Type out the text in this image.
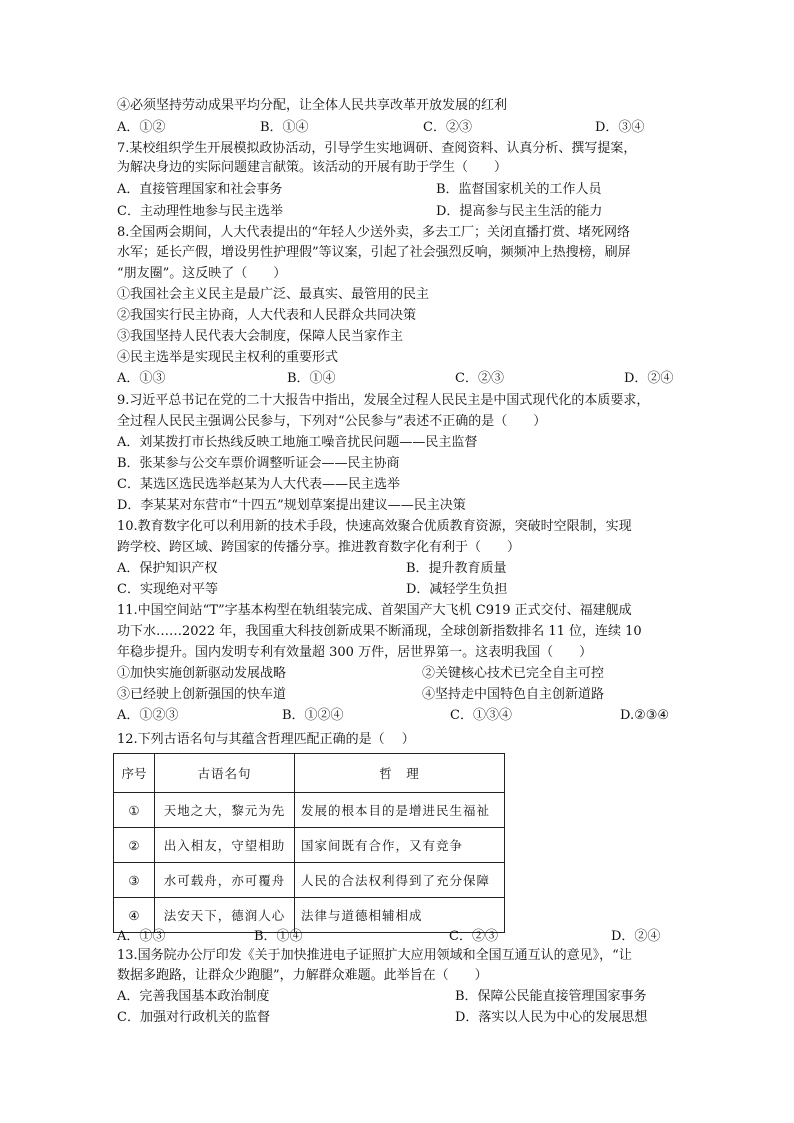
④必须坚持劳动成果平均分配，让全体人民共享改革开放发展的红利
A．①②	B．①④	C．②③	D．③④
7.某校组织学生开展模拟政协活动，引导学生实地调研、查阅资料、认真分析、撰写提案，
为解决身边的实际问题建言献策。该活动的开展有助于学生（　　）
A．直接管理国家和社会事务	B．监督国家机关的工作人员
C．主动理性地参与民主选举	D．提高参与民主生活的能力
8.全国两会期间，人大代表提出的“年轻人少送外卖，多去工厂；关闭直播打赏、堵死网络
水军；延长产假，增设男性护理假”等议案，引起了社会强烈反响，频频冲上热搜榜，刷屏
“朋友圈”。这反映了（　　）
①我国社会主义民主是最广泛、最真实、最管用的民主
②我国实行民主协商，人大代表和人民群众共同决策
③我国坚持人民代表大会制度，保障人民当家作主
④民主选举是实现民主权利的重要形式
A．①③	B．①④	C．②③	D．②④
9.习近平总书记在党的二十大报告中指出，发展全过程人民民主是中国式现代化的本质要求，
全过程人民民主强调公民参与，下列对“公民参与”表述不正确的是（　　）
A．刘某拨打市长热线反映工地施工噪音扰民问题——民主监督
B．张某参与公交车票价调整听证会——民主协商
C．某选区选民选举赵某为人大代表——民主选举
D．李某某对东营市“十四五”规划草案提出建议——民主决策
10.教育数字化可以利用新的技术手段，快速高效聚合优质教育资源，突破时空限制，实现
跨学校、跨区域、跨国家的传播分享。推进教育数字化有利于（　　）
A．保护知识产权	B．提升教育质量
C．实现绝对平等	D．减轻学生负担
11.中国空间站“T”字基本构型在轨组装完成、首架国产大飞机 C919 正式交付、福建舰成
功下水……2022 年，我国重大科技创新成果不断涌现，全球创新指数排名 11 位，连续 10
年稳步提升。国内发明专利有效量超 300 万件，居世界第一。这表明我国（　　）
①加快实施创新驱动发展战略	②关键核心技术已完全自主可控
③已经驶上创新强国的快车道	④坚持走中国特色自主创新道路
A．①②③	B．①②④	C．①③④	D.②③④
12.下列古语名句与其蕴含哲理匹配正确的是（　 ）
序号	古语名句	哲　理
①	天地之大，黎元为先	发展的根本目的是增进民生福祉
②	出入相友，守望相助	国家间既有合作，又有竞争
③	水可载舟，亦可覆舟	人民的合法权利得到了充分保障
④	法安天下，德润人心	法律与道德相辅相成
A．①③	B．①④	C．②③	D．②④
13.国务院办公厅印发《关于加快推进电子证照扩大应用领域和全国互通互认的意见》，“让
数据多跑路，让群众少跑腿”，力解群众难题。此举旨在（　　）
A．完善我国基本政治制度	B．保障公民能直接管理国家事务
C．加强对行政机关的监督	D．落实以人民为中心的发展思想
